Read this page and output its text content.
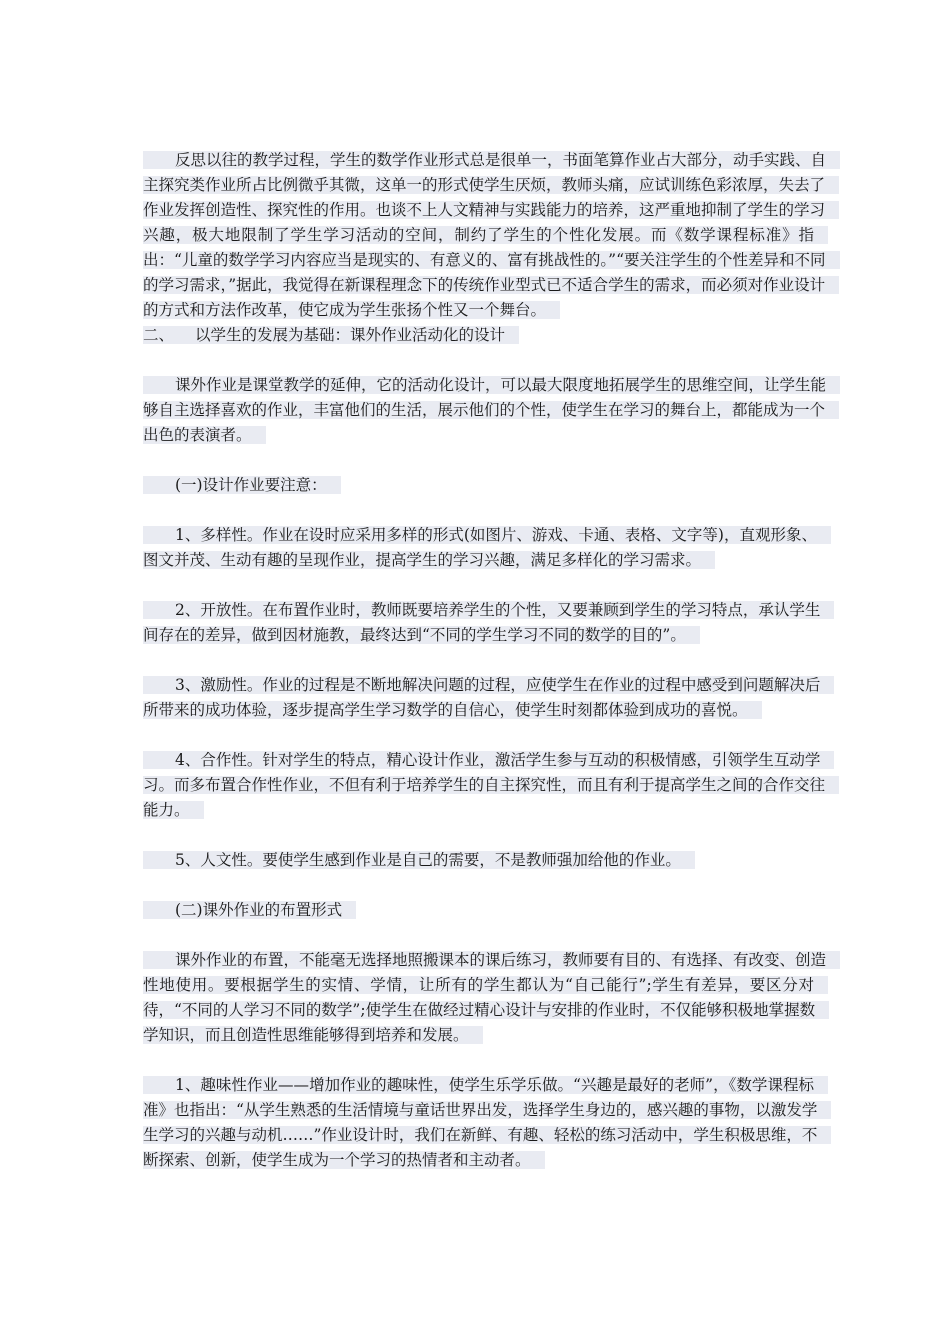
反思以往的教学过程，学生的数学作业形式总是很单一，书面笔算作业占大部分，动手实践、自主探究类作业所占比例微乎其微，这单一的形式使学生厌烦，教师头痛，应试训练色彩浓厚，失去了作业发挥创造性、探究性的作用。也谈不上人文精神与实践能力的培养，这严重地抑制了学生的学习兴趣，极大地限制了学生学习活动的空间，制约了学生的个性化发展。而《数学课程标准》指出：“儿童的数学学习内容应当是现实的、有意义的、富有挑战性的。”“要关注学生的个性差异和不同的学习需求，”据此，我觉得在新课程理念下的传统作业型式已不适合学生的需求，而必须对作业设计的方式和方法作改革，使它成为学生张扬个性又一个舞台。

二、 以学生的发展为基础：课外作业活动化的设计

课外作业是课堂教学的延伸，它的活动化设计，可以最大限度地拓展学生的思维空间，让学生能够自主选择喜欢的作业，丰富他们的生活，展示他们的个性，使学生在学习的舞台上，都能成为一个出色的表演者。

(一)设计作业要注意：

1、多样性。作业在设时应采用多样的形式(如图片、游戏、卡通、表格、文字等)，直观形象、图文并茂、生动有趣的呈现作业，提高学生的学习兴趣，满足多样化的学习需求。

2、开放性。在布置作业时，教师既要培养学生的个性，又要兼顾到学生的学习特点，承认学生间存在的差异，做到因材施教，最终达到“不同的学生学习不同的数学的目的”。

3、激励性。作业的过程是不断地解决问题的过程，应使学生在作业的过程中感受到问题解决后所带来的成功体验，逐步提高学生学习数学的自信心，使学生时刻都体验到成功的喜悦。

4、合作性。针对学生的特点，精心设计作业，激活学生参与互动的积极情感，引领学生互动学习。而多布置合作性作业，不但有利于培养学生的自主探究性，而且有利于提高学生之间的合作交往能力。

5、人文性。要使学生感到作业是自己的需要，不是教师强加给他的作业。

(二)课外作业的布置形式

课外作业的布置，不能毫无选择地照搬课本的课后练习，教师要有目的、有选择、有改变、创造性地使用。要根据学生的实情、学情，让所有的学生都认为“自己能行”;学生有差异，要区分对待，“不同的人学习不同的数学”;使学生在做经过精心设计与安排的作业时，不仅能够积极地掌握数学知识，而且创造性思维能够得到培养和发展。

1、趣味性作业——增加作业的趣味性，使学生乐学乐做。“兴趣是最好的老师”，《数学课程标准》也指出：“从学生熟悉的生活情境与童话世界出发，选择学生身边的，感兴趣的事物，以激发学生学习的兴趣与动机……”作业设计时，我们在新鲜、有趣、轻松的练习活动中，学生积极思维，不断探索、创新，使学生成为一个学习的热情者和主动者。
